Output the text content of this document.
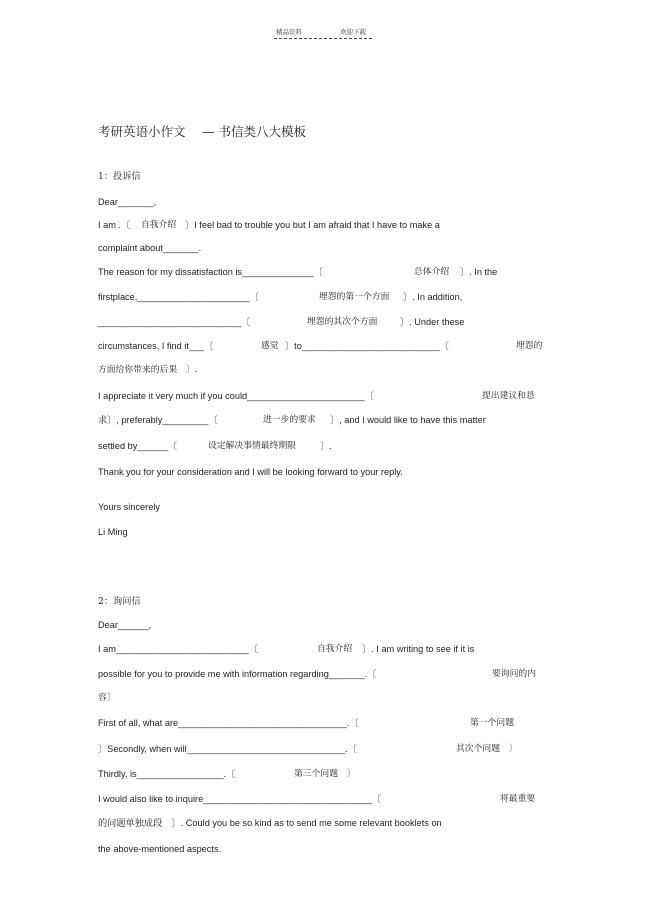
精品资料	欢迎下载
考研英语小作文　 — 书信类八大模板
1：投诉信
Dear_______,
I am .〔 自我介绍 〕I feel bad to trouble you but I am afraid that I have to make a
complaint about_______.
The reason for my dissatisfaction is______________〔	总体介绍 〕. In the
firstplace,______________________〔	埋怨的第一个方面 〕. In addition,
____________________________〔	埋怨的其次个方面 〕. Under these
circumstances, I find it___〔	感觉 〕to___________________________〔	埋怨的
方面给你带来的后果　〕.
I appreciate it very much if you could_______________________〔	提出建议和恳
求〕, preferably_________〔	进一步的要求 〕, and I would like to have this matter
settled by______〔	设定解决事情最终期限	〕.
Thank you for your consideration and I will be looking forward to your reply.
Yours sincerely
Li Ming
2：询问信
Dear______,
I am__________________________〔	自我介绍 〕. I am writing to see if it is
possible for you to provide me with information regarding_______.〔	要询问的内
容〕
First of all, what are_________________________________.〔	第一个问题
〕Secondly, when will_______________________________.〔	其次个问题　〕
Thirdly, is_________________.〔	第三个问题　〕
I would also like to inquire_________________________________〔	将最重要
的问题单独成段　〕. Could you be so kind as to send me some relevant booklets on
the above-mentioned aspects.
